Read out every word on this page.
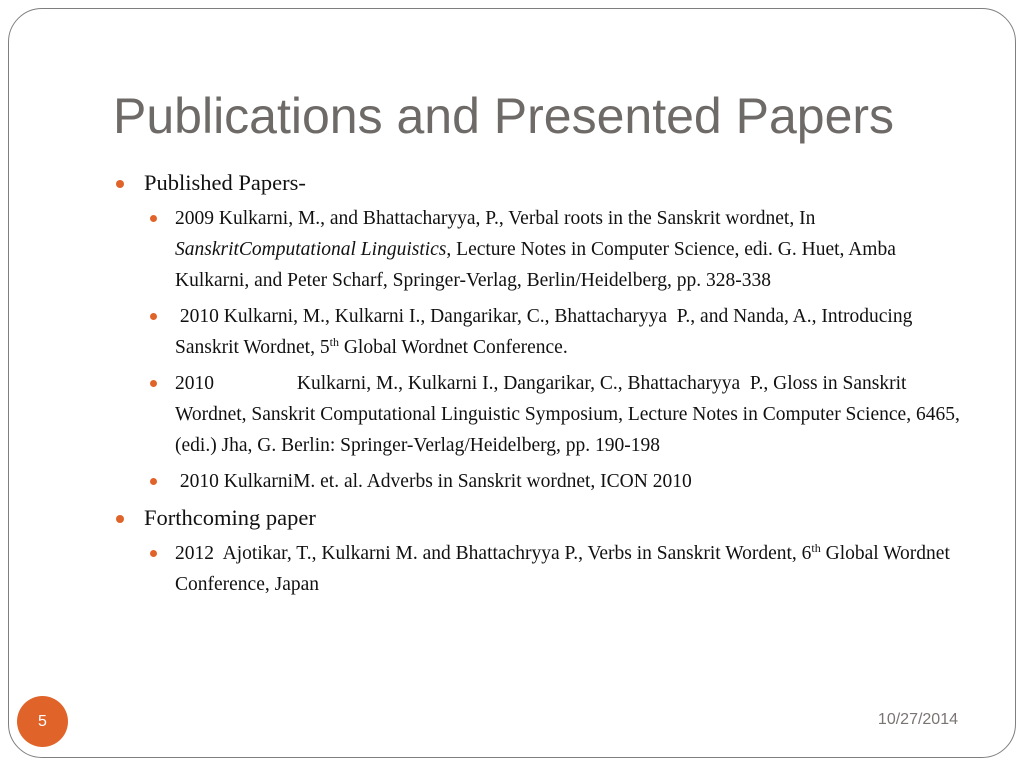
Publications and Presented Papers
Published Papers-
2009 Kulkarni, M., and Bhattacharyya, P., Verbal roots in the Sanskrit wordnet, In SanskritComputational Linguistics, Lecture Notes in Computer Science, edi. G. Huet, Amba Kulkarni, and Peter Scharf, Springer-Verlag, Berlin/Heidelberg, pp. 328-338
2010 Kulkarni, M., Kulkarni I., Dangarikar, C., Bhattacharyya  P., and Nanda, A., Introducing Sanskrit Wordnet, 5th Global Wordnet Conference.
2010                 Kulkarni, M., Kulkarni I., Dangarikar, C., Bhattacharyya  P., Gloss in Sanskrit Wordnet, Sanskrit Computational Linguistic Symposium, Lecture Notes in Computer Science, 6465, (edi.) Jha, G. Berlin: Springer-Verlag/Heidelberg, pp. 190-198
2010 KulkarniM. et. al. Adverbs in Sanskrit wordnet, ICON 2010
Forthcoming paper
2012  Ajotikar, T., Kulkarni M. and Bhattachryya P., Verbs in Sanskrit Wordent, 6th Global Wordnet Conference, Japan
5	10/27/2014
